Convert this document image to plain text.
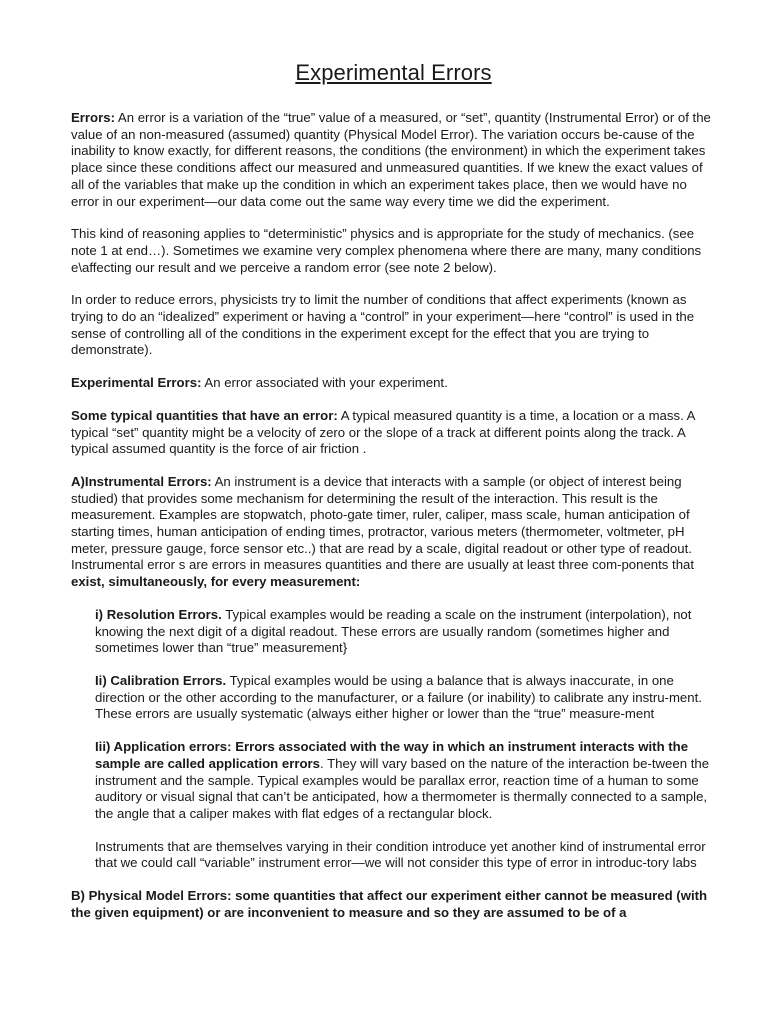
Experimental Errors

Errors: An error is a variation of the “true” value of a measured, or “set”, quantity (Instrumental Error) or of the value of an non-measured (assumed) quantity (Physical Model Error). The variation occurs be-cause of the inability to know exactly, for different reasons, the conditions (the environment) in which the experiment takes place since these conditions affect our measured and unmeasured quantities. If we knew the exact values of all of the variables that make up the condition in which an experiment takes place, then we would have no error in our experiment—our data come out the same way every time we did the experiment.

This kind of reasoning applies to “deterministic” physics and is appropriate for the study of mechanics. (see note 1 at end…). Sometimes we examine very complex phenomena where there are many, many conditions e\affecting our result and we perceive a random error (see note 2 below).

In order to reduce errors, physicists try to limit the number of conditions that affect experiments (known as trying to do an “idealized” experiment or having a “control” in your experiment—here “control” is used in the sense of controlling all of the conditions in the experiment except for the effect that you are trying to demonstrate).

Experimental Errors: An error associated with your experiment.

Some typical quantities that have an error: A typical measured quantity is a time, a location or a mass. A typical “set” quantity might be a velocity of zero or the slope of a track at different points along the track. A typical assumed quantity is the force of air friction .

A)Instrumental Errors: An instrument is a device that interacts with a sample (or object of interest being studied) that provides some mechanism for determining the result of the interaction. This result is the measurement. Examples are stopwatch, photo-gate timer, ruler, caliper, mass scale, human anticipation of starting times, human anticipation of ending times, protractor, various meters (thermometer, voltmeter, pH meter, pressure gauge, force sensor etc..) that are read by a scale, digital readout or other type of readout. Instrumental error s are errors in measures quantities and there are usually at least three com-ponents that exist, simultaneously, for every measurement:

i) Resolution Errors. Typical examples would be reading a scale on the instrument (interpolation), not knowing the next digit of a digital readout. These errors are usually random (sometimes higher and sometimes lower than “true” measurement}

Ii) Calibration Errors. Typical examples would be using a balance that is always inaccurate, in one direction or the other according to the manufacturer, or a failure (or inability) to calibrate any instru-ment. These errors are usually systematic (always either higher or lower than the “true” measure-ment

Iii) Application errors: Errors associated with the way in which an instrument interacts with the sample are called application errors. They will vary based on the nature of the interaction be-tween the instrument and the sample. Typical examples would be parallax error, reaction time of a human to some auditory or visual signal that can’t be anticipated, how a thermometer is thermally connected to a sample, the angle that a caliper makes with flat edges of a rectangular block.

Instruments that are themselves varying in their condition introduce yet another kind of instrumental error that we could call “variable” instrument error—we will not consider this type of error in introduc-tory labs

B) Physical Model Errors: some quantities that affect our experiment either cannot be measured (with the given equipment) or are inconvenient to measure and so they are assumed to be of a
